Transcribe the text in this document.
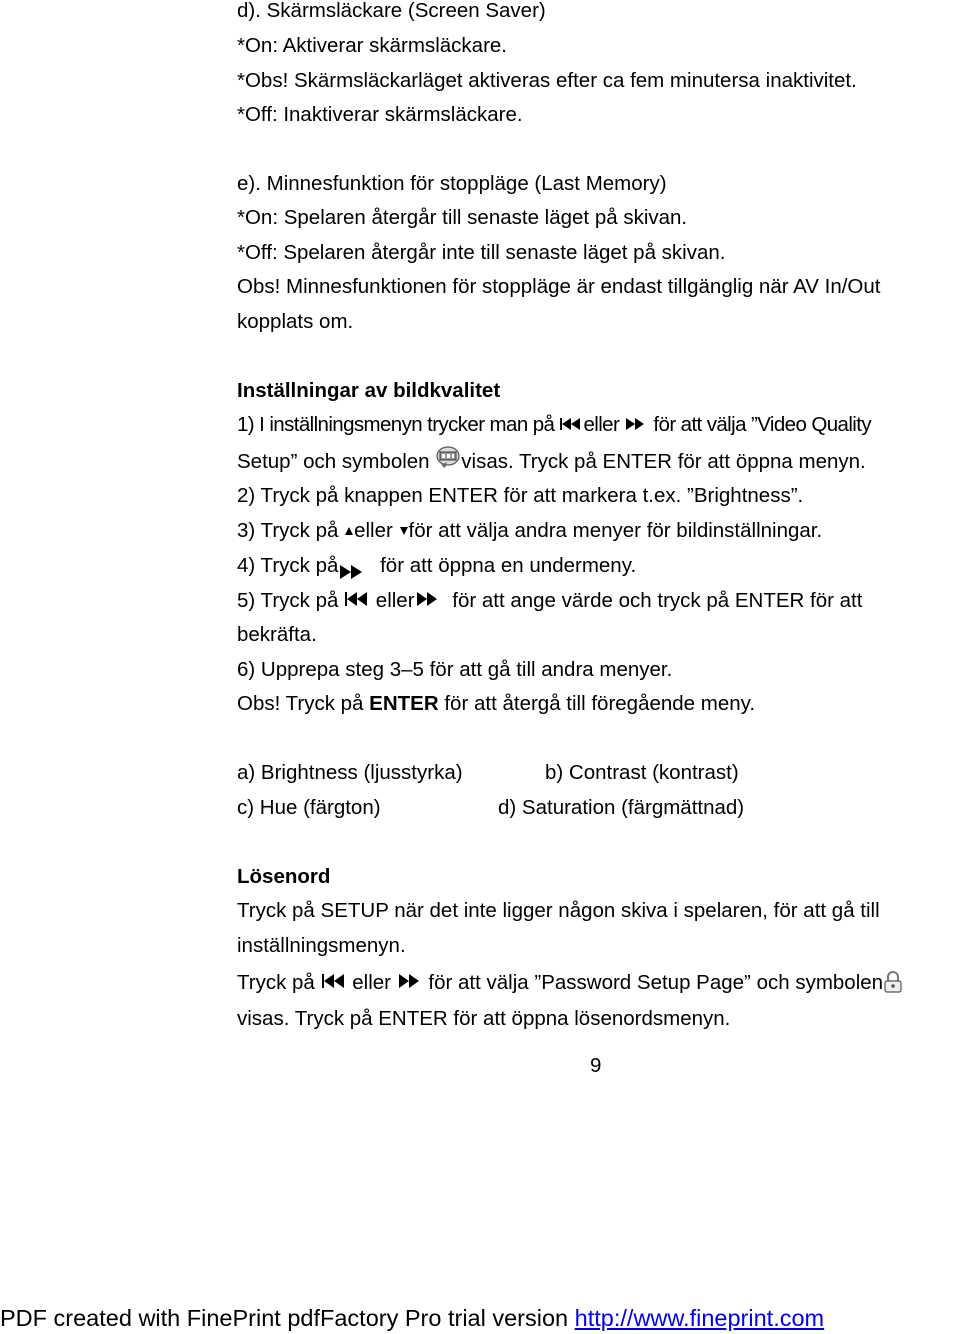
d). Skärmsläckare (Screen Saver)
*On: Aktiverar skärmsläckare.
*Obs! Skärmsläckarläget aktiveras efter ca fem minutersa inaktivitet.
*Off: Inaktiverar skärmsläckare.
e). Minnesfunktion för stoppläge (Last Memory)
*On: Spelaren återgår till senaste läget på skivan.
*Off: Spelaren återgår inte till senaste läget på skivan.
Obs! Minnesfunktionen för stoppläge är endast tillgänglig när AV In/Out
kopplats om.
Inställningar av bildkvalitet
1) I inställningsmenyn trycker man på eller för att välja ”Video Quality
Setup” och symbolen visas. Tryck på ENTER för att öppna menyn.
2) Tryck på knappen ENTER för att markera t.ex. ”Brightness”.
3) Tryck på eller för att välja andra menyer för bildinställningar.
4) Tryck på för att öppna en undermeny.
5) Tryck på eller för att ange värde och tryck på ENTER för att
bekräfta.
6) Upprepa steg 3–5 för att gå till andra menyer.
Obs! Tryck på ENTER för att återgå till föregående meny.
a) Brightness (ljusstyrka)	b) Contrast (kontrast)
c) Hue (färgton)	d) Saturation (färgmättnad)
Lösenord
Tryck på SETUP när det inte ligger någon skiva i spelaren, för att gå till
inställningsmenyn.
Tryck på eller för att välja ”Password Setup Page” och symbolen
visas. Tryck på ENTER för att öppna lösenordsmenyn.
9
PDF created with FinePrint pdfFactory Pro trial version http://www.fineprint.com
